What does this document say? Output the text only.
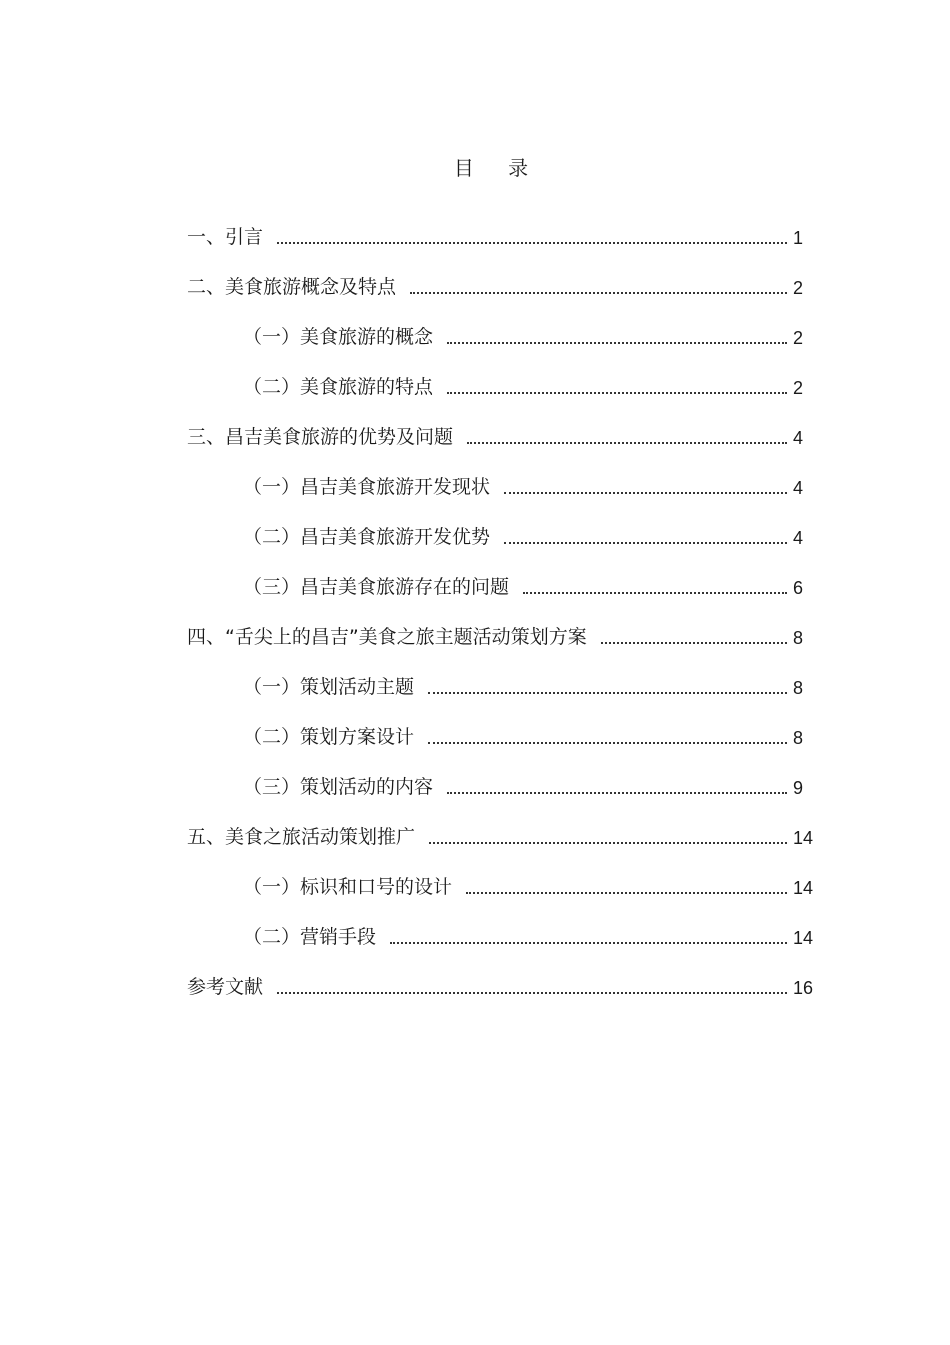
目 录
一、引言	1
二、美食旅游概念及特点	2
（一）美食旅游的概念	2
（二）美食旅游的特点	2
三、昌吉美食旅游的优势及问题	4
（一）昌吉美食旅游开发现状	4
（二）昌吉美食旅游开发优势	4
（三）昌吉美食旅游存在的问题	6
四、“舌尖上的昌吉”美食之旅主题活动策划方案	8
（一）策划活动主题	8
（二）策划方案设计	8
（三）策划活动的内容	9
五、美食之旅活动策划推广	14
（一）标识和口号的设计	14
（二）营销手段	14
参考文献	16
